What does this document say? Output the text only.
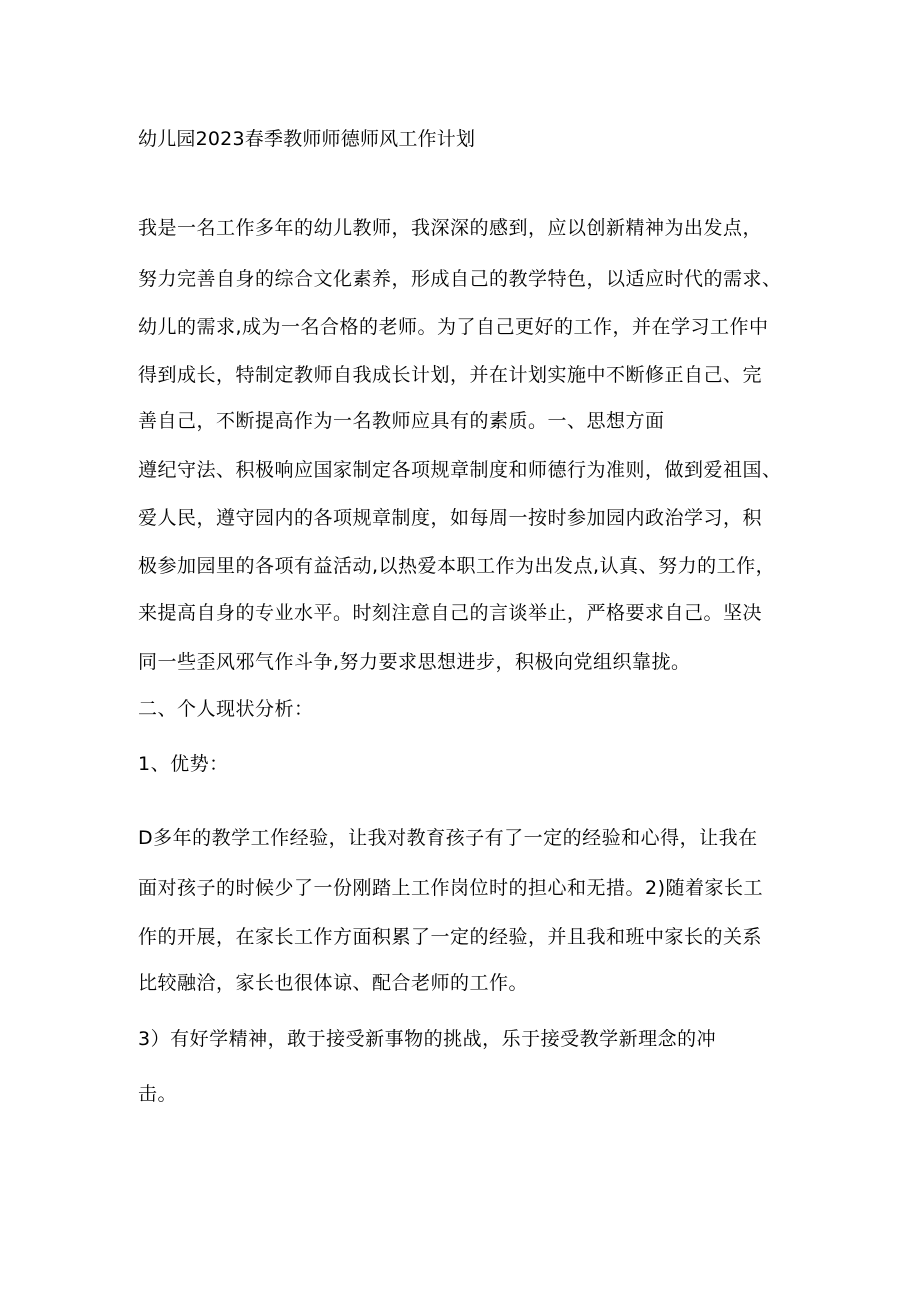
幼儿园2023春季教师师德师风工作计划
我是一名工作多年的幼儿教师，我深深的感到，应以创新精神为出发点，
努力完善自身的综合文化素养，形成自己的教学特色，以适应时代的需求、
幼儿的需求,成为一名合格的老师。为了自己更好的工作，并在学习工作中
得到成长，特制定教师自我成长计划，并在计划实施中不断修正自己、完
善自己，不断提高作为一名教师应具有的素质。一、思想方面
遵纪守法、积极响应国家制定各项规章制度和师德行为准则，做到爱祖国、
爱人民，遵守园内的各项规章制度，如每周一按时参加园内政治学习，积
极参加园里的各项有益活动,以热爱本职工作为出发点,认真、努力的工作，
来提高自身的专业水平。时刻注意自己的言谈举止，严格要求自己。坚决
同一些歪风邪气作斗争,努力要求思想进步，积极向党组织靠拢。
二、个人现状分析：
1、优势：
D多年的教学工作经验，让我对教育孩子有了一定的经验和心得，让我在
面对孩子的时候少了一份刚踏上工作岗位时的担心和无措。2)随着家长工
作的开展，在家长工作方面积累了一定的经验，并且我和班中家长的关系
比较融洽，家长也很体谅、配合老师的工作。
3）有好学精神，敢于接受新事物的挑战，乐于接受教学新理念的冲
击。
